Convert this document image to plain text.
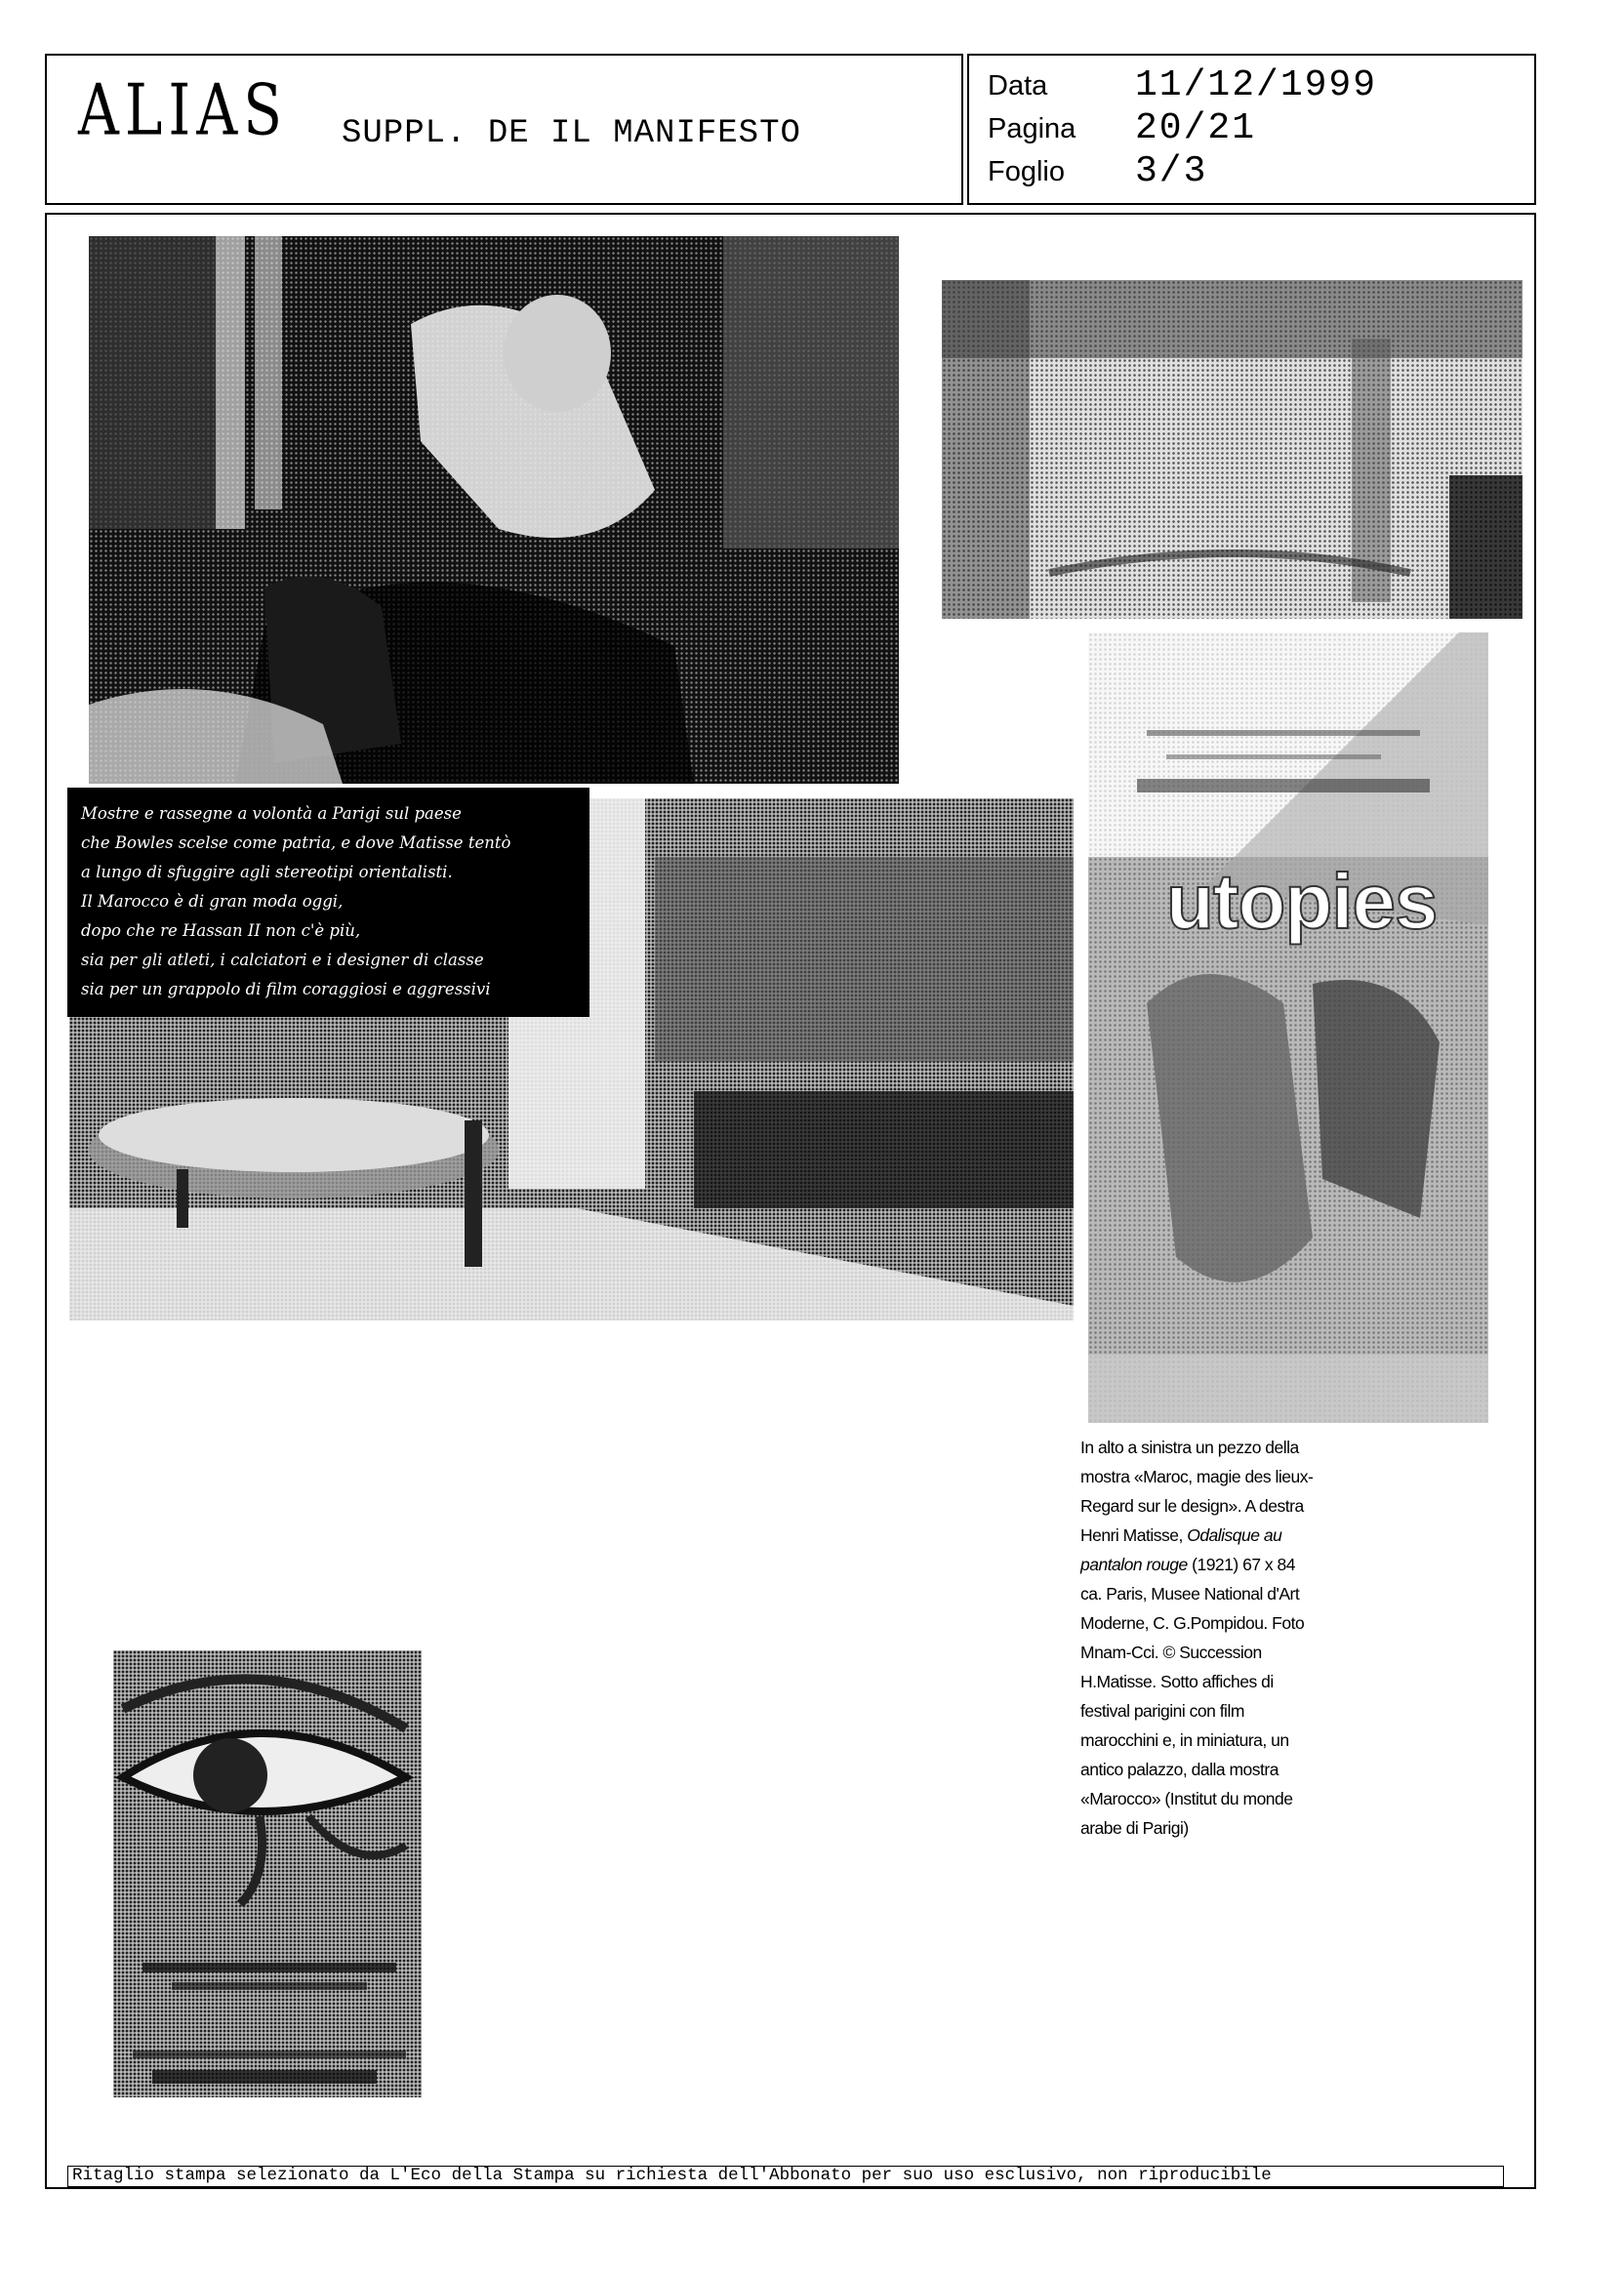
ALIAS SUPPL. DE IL MANIFESTO
Data 11/12/1999
Pagina 20/21
Foglio 3/3
Mostre e rassegne a volontà a Parigi sul paese
che Bowles scelse come patria, e dove Matisse tentò
a lungo di sfuggire agli stereotipi orientalisti.
Il Marocco è di gran moda oggi,
dopo che re Hassan II non c'è più,
sia per gli atleti, i calciatori e i designer di classe
sia per un grappolo di film coraggiosi e aggressivi
utopies
In alto a sinistra un pezzo della mostra «Maroc, magie des lieux- Regard sur le design». A destra Henri Matisse, Odalisque au pantalon rouge (1921) 67 x 84 ca. Paris, Musee National d'Art Moderne, C. G.Pompidou. Foto Mnam-Cci. © Succession H.Matisse. Sotto affiches di festival parigini con film marocchini e, in miniatura, un antico palazzo, dalla mostra «Marocco» (Institut du monde arabe di Parigi)
Ritaglio stampa selezionato da L'Eco della Stampa su richiesta dell'Abbonato per suo uso esclusivo, non riproducibile
